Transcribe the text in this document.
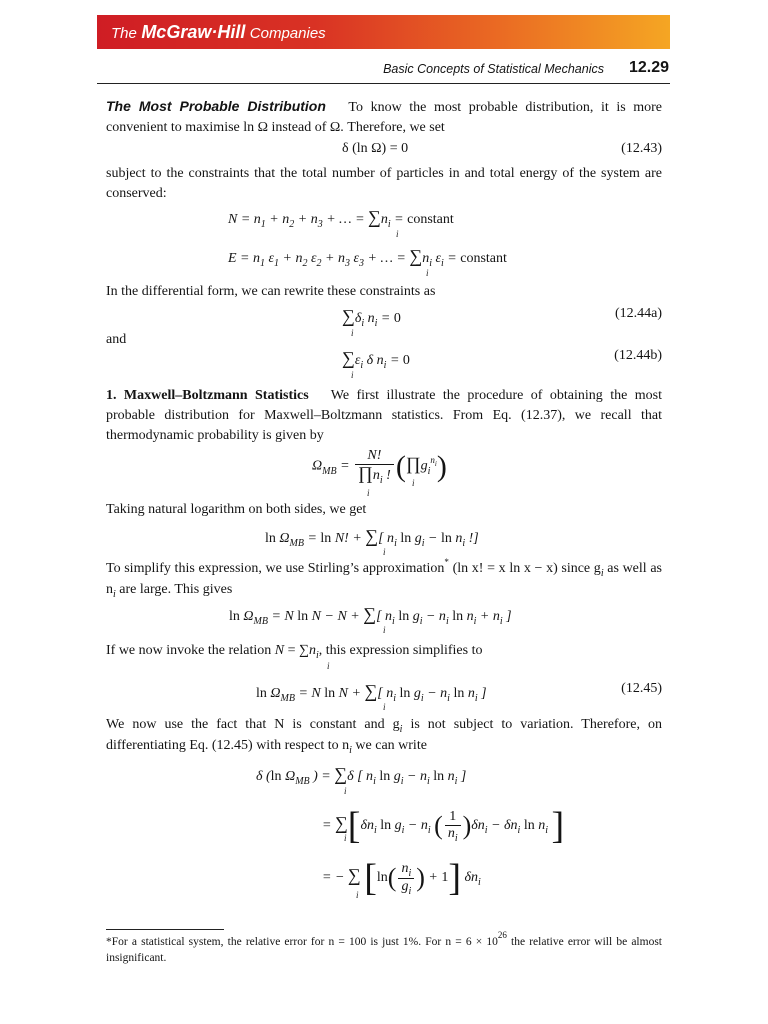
The McGraw·Hill Companies
Basic Concepts of Statistical Mechanics 12.29

The Most Probable Distribution To know the most probable distribution, it is more convenient to maximise ln Ω instead of Ω. Therefore, we set

δ (ln Ω) = 0	(12.43)

subject to the constraints that the total number of particles in and total energy of the system are conserved:

$N = n_1 + n_2 + n_3$ + … = $\sum n_i$ = constant
i
$E = n_1$ $\varepsilon_1 + n_2$ $\varepsilon_2 + n_3$ $\varepsilon_3$ + … = $\sum n_i$ $\varepsilon_i$ = constant
i

In the differential form, we can rewrite these constraints as

$\sum\delta_i$ $n_i = 0$
i
(12.44a)

and

$\sum\varepsilon_i$ δ $n_i = 0$
i
(12.44b)

1. Maxwell–Boltzmann Statistics We first illustrate the procedure of obtaining the most probable distribution for Maxwell–Boltzmann statistics. From Eq. (12.37), we recall that thermodynamic probability is given by

$\Omega_{MB} = \frac{N!}{\prod n_i !}$ $(\prod g_i^{n_i})$
i
i

Taking natural logarithm on both sides, we get

$\ln \Omega_{MB} = \ln N$! + ∑[ $n_i$ $\ln g_i - \ln n_i$ !]
i

To simplify this expression, we use Stirling’s approximation* (ln x! = x ln x − x) since $g_i$ as well as $n_i$ are large. This gives

$\ln \Omega_{MB} = N$ ln N − N + ∑[ $n_i$ $\ln g_i - n_i$ $\ln n_i + n_i$ ]
i

If we now invoke the relation $N = \sum n_i$, this expression simplifies to

i
$\ln \Omega_{MB} = N$ ln N + ∑[ $n_i$ $\ln g_i - n_i$ $\ln n_i$ ]
i
(12.45)

We now use the fact that N is constant and $g_i$ is not subject to variation. Therefore, on differentiating Eq. (12.45) with respect to $n_i$ we can write

δ (ln $\Omega_{MB}$ ) = ∑δ [ $n_i$ $\ln g_i - n_i$ $\ln n_i$ ]
i
= $\sum[\delta n_i$ $\ln g_i - n_i$ ( $\frac{1}{n_i} )\delta n_i - \delta n_i$ $\ln n_i$ ]
i
= − ∑ [$\ln( \frac{n_i}{g_i}$ ) + 1] $\delta n_i$
i

*For a statistical system, the relative error for n = 100 is just 1%. For $n = 6 \times 10^{26}$ the relative error will be almost insignificant.
